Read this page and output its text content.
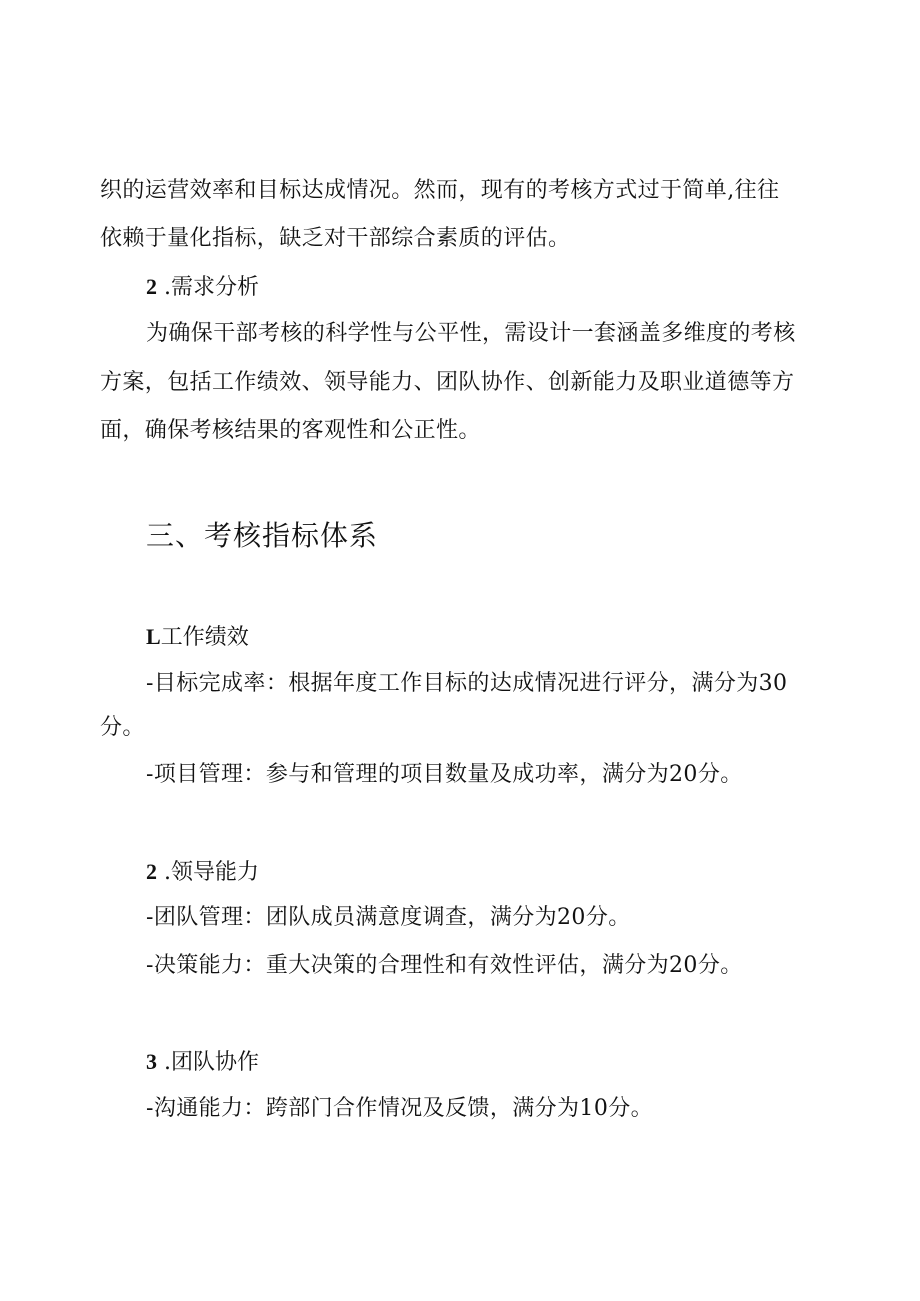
织的运营效率和目标达成情况。然而，现有的考核方式过于简单,往往
依赖于量化指标，缺乏对干部综合素质的评估。
2 .需求分析
为确保干部考核的科学性与公平性，需设计一套涵盖多维度的考核
方案，包括工作绩效、领导能力、团队协作、创新能力及职业道德等方
面，确保考核结果的客观性和公正性。
三、考核指标体系
L工作绩效
-目标完成率：根据年度工作目标的达成情况进行评分，满分为30
分。
-项目管理：参与和管理的项目数量及成功率，满分为20分。
2 .领导能力
-团队管理：团队成员满意度调查，满分为20分。
-决策能力：重大决策的合理性和有效性评估，满分为20分。
3 .团队协作
-沟通能力：跨部门合作情况及反馈，满分为10分。
